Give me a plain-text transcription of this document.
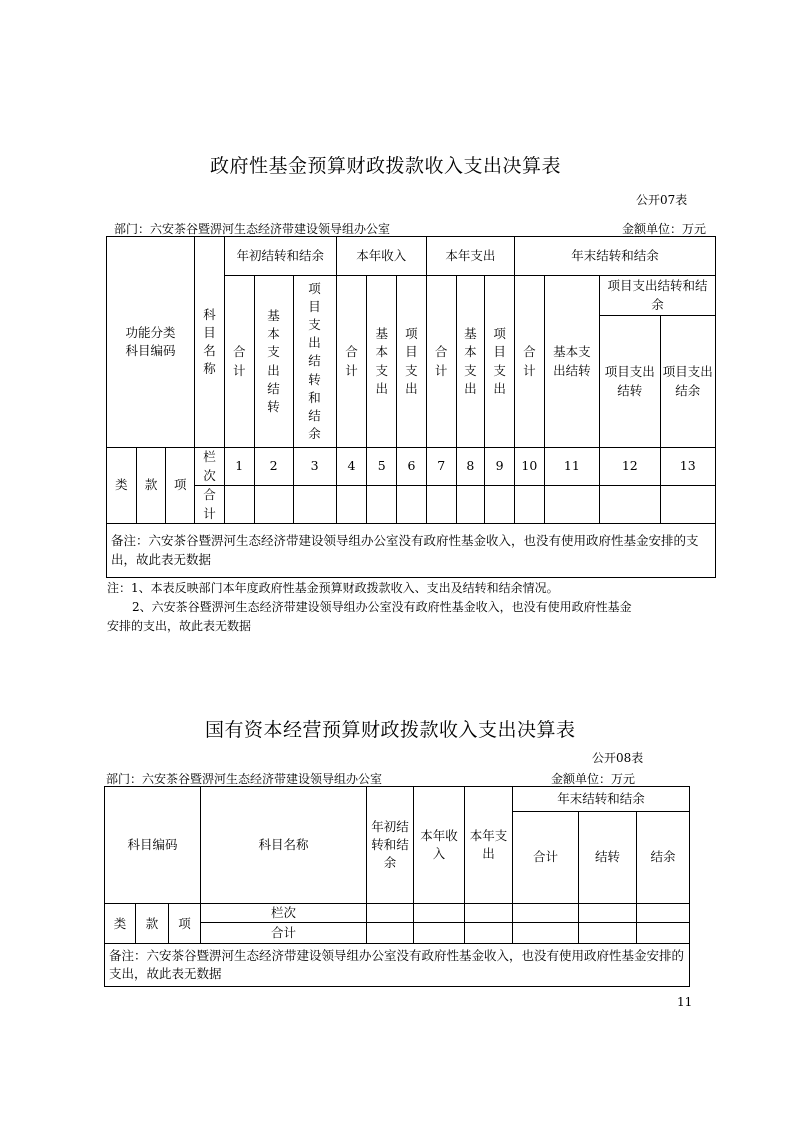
政府性基金预算财政拨款收入支出决算表
公开07表
部门：六安茶谷暨淠河生态经济带建设领导组办公室	金额单位：万元
功能分类科目编码			科目名称	年初结转和结余			本年收入			本年支出			年末结转和结余			
				合计	基本支出结转	项目支出结转和结余	合计	基本支出	项目支出	合计	基本支出	项目支出	合计	基本支出结转	项目支出结转和结余	
															项目支出结转	项目支出结余
类	款	项	栏次	1	2	3	4	5	6	7	8	9	10	11	12	13
			合计													
备注：六安茶谷暨淠河生态经济带建设领导组办公室没有政府性基金收入，也没有使用政府性基金安排的支出，故此表无数据																
注：1、本表反映部门本年度政府性基金预算财政拨款收入、支出及结转和结余情况。
2、六安茶谷暨淠河生态经济带建设领导组办公室没有政府性基金收入，也没有使用政府性基金
安排的支出，故此表无数据
国有资本经营预算财政拨款收入支出决算表
公开08表
部门：六安茶谷暨淠河生态经济带建设领导组办公室	金额单位：万元
科目编码			科目名称	年初结转和结余	本年收入	本年支出	年末结转和结余		
							合计	结转	结余
类	款	项	栏次						
			合计						
备注：六安茶谷暨淠河生态经济带建设领导组办公室没有政府性基金收入，也没有使用政府性基金安排的支出，故此表无数据									
11
